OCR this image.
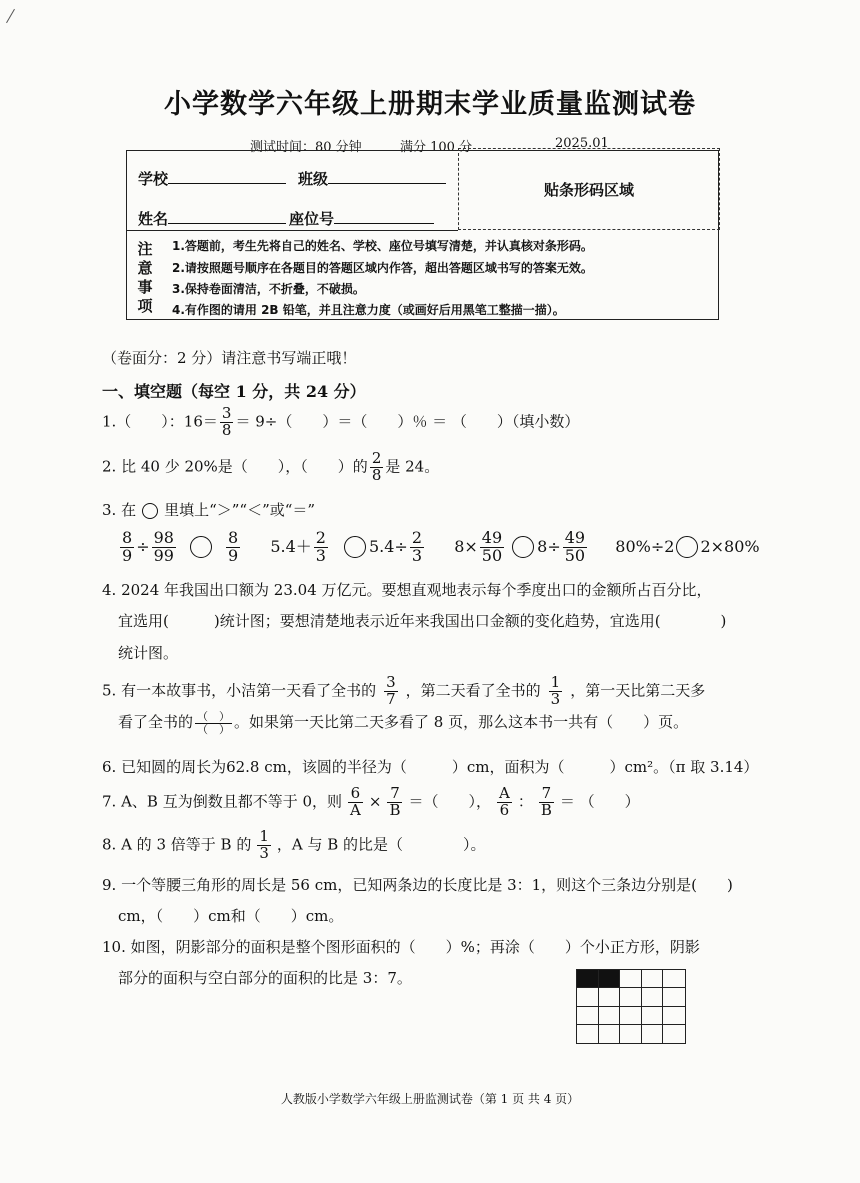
小学数学六年级上册期末学业质量监测试卷
测试时间：80 分钟	满分 100 分	2025.01
贴条形码区域
学校	班级
姓名	座位号
注
意
事
项
1.答题前，考生先将自己的姓名、学校、座位号填写清楚，并认真核对条形码。
2.请按照题号顺序在各题目的答题区域内作答，超出答题区域书写的答案无效。
3.保持卷面清洁，不折叠，不破损。
4.有作图的请用 2B 铅笔，并且注意力度（或画好后用黑笔工整描一描）。
（卷面分：2 分）请注意书写端正哦！
一、填空题（每空 1 分，共 24 分）
1.（　　）：$16= \frac{3}{8} = 9\div$（　　）＝（　　）％ ＝ （　　）（填小数）
2. 比 40 少 20%是（　　），（　　）的 $\frac{2}{8}$ 是 24。
3. 在 里填上“＞”“＜”或“＝”
$\frac{8}{9} \div \frac{98}{99}$	$\frac{8}{9} 5.4+ \frac{2}{3}$	$5.4\div \frac{2}{3} 8\times \frac{49}{50} 8\div \frac{49}{50} 80\%\div 2$ 2×80%
4. 2024 年我国出口额为 23.04 万亿元。要想直观地表示每个季度出口的金额所占百分比，
宜选用(　　　)统计图；要想清楚地表示近年来我国出口金额的变化趋势，宜选用(　　　　)
统计图。
5. 有一本故事书，小洁第一天看了全书的 $\frac{3}{7}$ ，第二天看了全书的 $\frac{1}{3}$ ，第一天比第二天多
看了全书的 $\frac{( )}{( )}$ 。如果第一天比第二天多看了 8 页，那么这本书一共有（　　）页。
6. 已知圆的周长为62.8 cm，该圆的半径为（　　　）cm，面积为（　　　）cm²。（π 取 3.14）
7. A、B 互为倒数且都不等于 0，则 $\frac{6}{A} \times \frac{7}{B}$ ＝（　　）， $\frac{A}{6}$ ： $\frac{7}{B}$ ＝ （　　）
8. A 的 3 倍等于 B 的 $\frac{1}{3}$ ，A 与 B 的比是（　　　　）。
9. 一个等腰三角形的周长是 56 cm，已知两条边的长度比是 3：1，则这个三条边分别是(　　)
cm，（　　）cm和（　　）cm。
10. 如图，阴影部分的面积是整个图形面积的（　　）%；再涂（　　）个小正方形，阴影
部分的面积与空白部分的面积的比是 3：7。
人教版小学数学六年级上册监测试卷（第 1 页 共 4 页）
